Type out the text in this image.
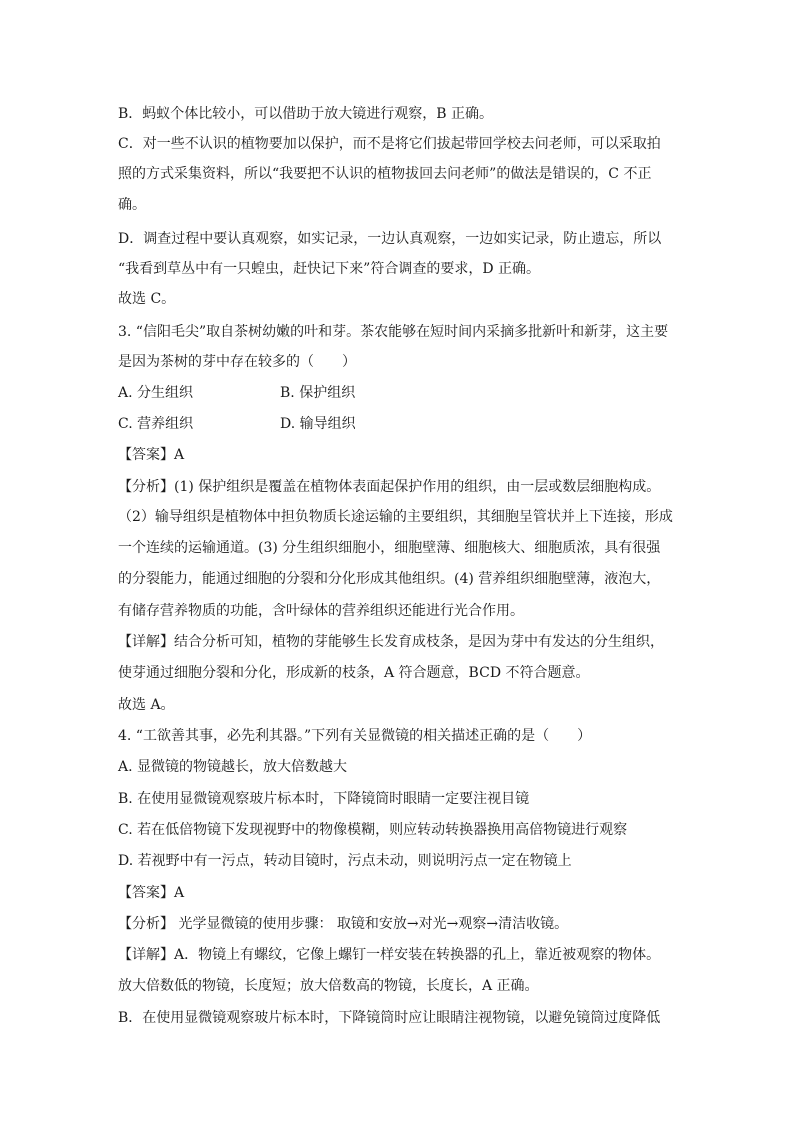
B．蚂蚁个体比较小，可以借助于放大镜进行观察，B 正确。
C．对一些不认识的植物要加以保护，而不是将它们拔起带回学校去问老师，可以采取拍
照的方式采集资料，所以“我要把不认识的植物拔回去问老师”的做法是错误的，C 不正
确。
D．调查过程中要认真观察，如实记录，一边认真观察，一边如实记录，防止遗忘，所以
“我看到草丛中有一只蝗虫，赶快记下来”符合调查的要求，D 正确。
故选 C。
3. “信阳毛尖”取自茶树幼嫩的叶和芽。茶农能够在短时间内采摘多批新叶和新芽，这主要
是因为茶树的芽中存在较多的（　　）
A. 分生组织	B. 保护组织
C. 营养组织	D. 输导组织
【答案】A
【分析】(1) 保护组织是覆盖在植物体表面起保护作用的组织，由一层或数层细胞构成。
（2）输导组织是植物体中担负物质长途运输的主要组织，其细胞呈管状并上下连接，形成
一个连续的运输通道。(3) 分生组织细胞小，细胞壁薄、细胞核大、细胞质浓，具有很强
的分裂能力，能通过细胞的分裂和分化形成其他组织。(4) 营养组织细胞壁薄，液泡大，
有储存营养物质的功能，含叶绿体的营养组织还能进行光合作用。
【详解】结合分析可知，植物的芽能够生长发育成枝条，是因为芽中有发达的分生组织，
使芽通过细胞分裂和分化，形成新的枝条，A 符合题意，BCD 不符合题意。
故选 A。
4. “工欲善其事，必先利其器。”下列有关显微镜的相关描述正确的是（　　）
A. 显微镜的物镜越长，放大倍数越大
B. 在使用显微镜观察玻片标本时，下降镜筒时眼睛一定要注视目镜
C. 若在低倍物镜下发现视野中的物像模糊，则应转动转换器换用高倍物镜进行观察
D. 若视野中有一污点，转动目镜时，污点未动，则说明污点一定在物镜上
【答案】A
【分析】 光学显微镜的使用步骤： 取镜和安放→对光→观察→清洁收镜。
【详解】A．物镜上有螺纹，它像上螺钉一样安装在转换器的孔上，靠近被观察的物体。
放大倍数低的物镜，长度短；放大倍数高的物镜，长度长，A 正确。
B．在使用显微镜观察玻片标本时，下降镜筒时应让眼睛注视物镜，以避免镜筒过度降低
